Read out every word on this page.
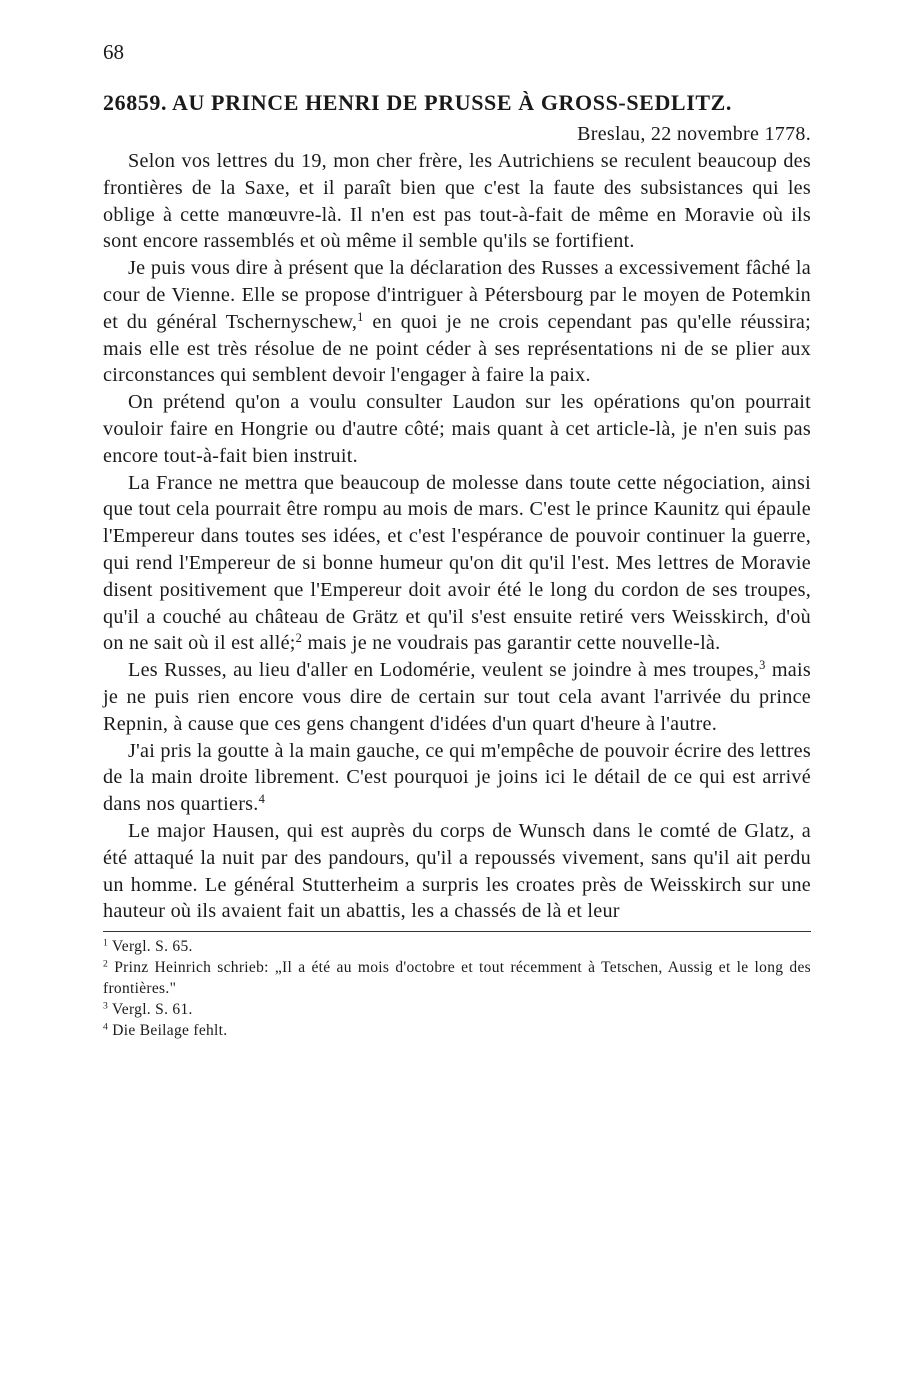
68
26859. AU PRINCE HENRI DE PRUSSE À GROSS-SEDLITZ.
Breslau, 22 novembre 1778.

Selon vos lettres du 19, mon cher frère, les Autrichiens se reculent beaucoup des frontières de la Saxe, et il paraît bien que c'est la faute des subsistances qui les oblige à cette manœuvre-là. Il n'en est pas tout-à-fait de même en Moravie où ils sont encore rassemblés et où même il semble qu'ils se fortifient.

Je puis vous dire à présent que la déclaration des Russes a excessivement fâché la cour de Vienne. Elle se propose d'intriguer à Pétersbourg par le moyen de Potemkin et du général Tschernyschew,$^1$ en quoi je ne crois cependant pas qu'elle réussira; mais elle est très résolue de ne point céder à ses représentations ni de se plier aux circonstances qui semblent devoir l'engager à faire la paix.

On prétend qu'on a voulu consulter Laudon sur les opérations qu'on pourrait vouloir faire en Hongrie ou d'autre côté; mais quant à cet article-là, je n'en suis pas encore tout-à-fait bien instruit.

La France ne mettra que beaucoup de molesse dans toute cette négociation, ainsi que tout cela pourrait être rompu au mois de mars. C'est le prince Kaunitz qui épaule l'Empereur dans toutes ses idées, et c'est l'espérance de pouvoir continuer la guerre, qui rend l'Empereur de si bonne humeur qu'on dit qu'il l'est. Mes lettres de Moravie disent positivement que l'Empereur doit avoir été le long du cordon de ses troupes, qu'il a couché au château de Grätz et qu'il s'est ensuite retiré vers Weisskirch, d'où on ne sait où il est allé;$^2$ mais je ne voudrais pas garantir cette nouvelle-là.

Les Russes, au lieu d'aller en Lodomérie, veulent se joindre à mes troupes,$^3$ mais je ne puis rien encore vous dire de certain sur tout cela avant l'arrivée du prince Repnin, à cause que ces gens changent d'idées d'un quart d'heure à l'autre.

J'ai pris la goutte à la main gauche, ce qui m'empêche de pouvoir écrire des lettres de la main droite librement. C'est pourquoi je joins ici le détail de ce qui est arrivé dans nos quartiers.$^4$

Le major Hausen, qui est auprès du corps de Wunsch dans le comté de Glatz, a été attaqué la nuit par des pandours, qu'il a repoussés vivement, sans qu'il ait perdu un homme. Le général Stutterheim a surpris les croates près de Weisskirch sur une hauteur où ils avaient fait un abattis, les a chassés de là et leur

$^1$ Vergl. S. 65.

$^2$ Prinz Heinrich schrieb: „Il a été au mois d'octobre et tout récemment à Tetschen, Aussig et le long des frontières."

$^3$ Vergl. S. 61.

$^4$ Die Beilage fehlt.
